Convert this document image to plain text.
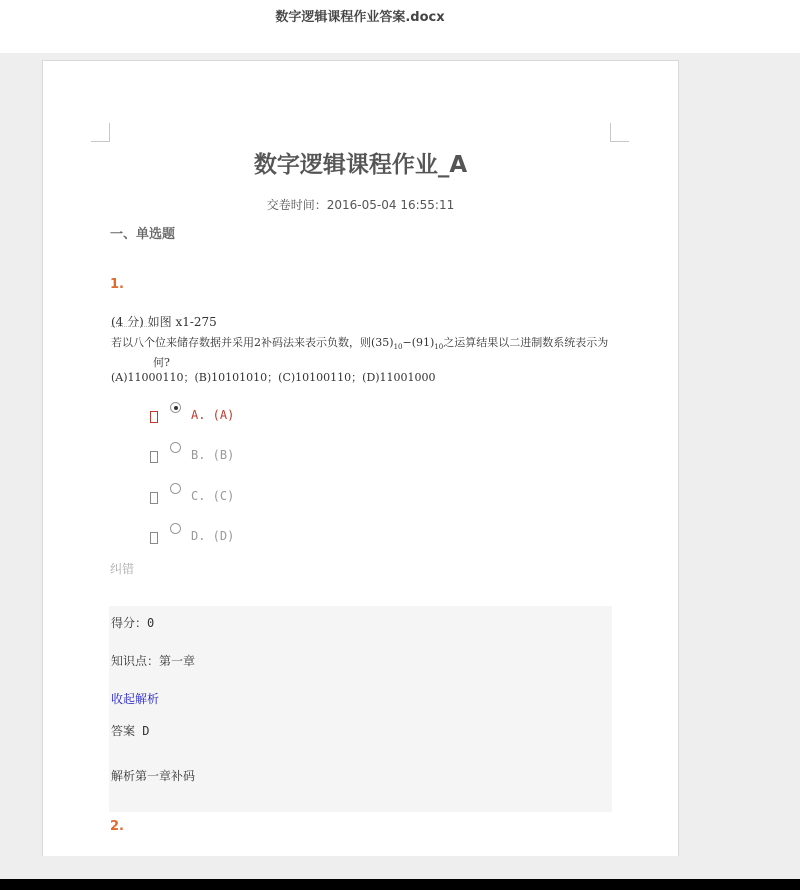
数字逻辑课程作业答案.docx
数字逻辑课程作业_A
交卷时间：2016-05-04 16:55:11
一、单选题
1.
(4 分) 如图 x1-275
若以八个位来储存数据并采用2补码法来表示负数，则$(35)_{10}-(91)_{10}$之运算结果以二进制数系统表示为
何?
(A)11000110；(B)10101010；(C)10100110；(D)11001000
A. (A)
B. (B)
C. (C)
D. (D)
纠错
得分：0
知识点：第一章
收起解析
答案 D
解析第一章补码
2.
